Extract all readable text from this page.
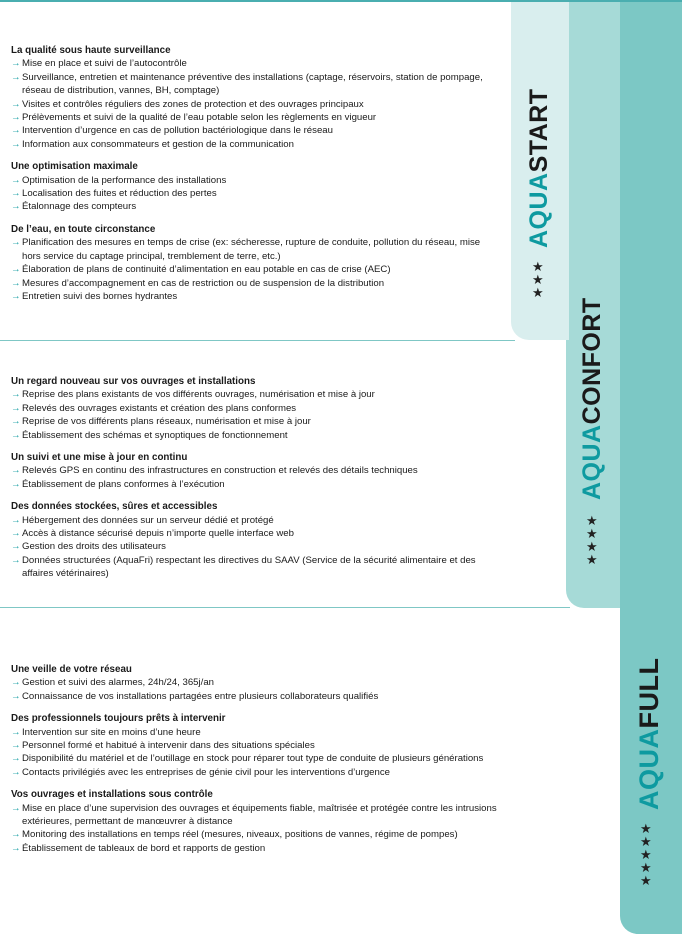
AQUAFULL
★
★
★
★
★
AQUACONFORT
★
★
★
★
AQUASTART
★
★
★
La qualité sous haute surveillance
→ Mise en place et suivi de l’autocontrôle
→ Surveillance, entretien et maintenance préventive des installations (captage, réservoirs, station de pompage, réseau de distribution, vannes, BH, comptage)
→ Visites et contrôles réguliers des zones de protection et des ouvrages principaux
→ Prélèvements et suivi de la qualité de l’eau potable selon les règlements en vigueur
→ Intervention d’urgence en cas de pollution bactériologique dans le réseau
→ Information aux consommateurs et gestion de la communication
Une optimisation maximale
→ Optimisation de la performance des installations
→ Localisation des fuites et réduction des pertes
→ Étalonnage des compteurs
De l’eau, en toute circonstance
→ Planification des mesures en temps de crise (ex: sécheresse, rupture de conduite, pollution du réseau, mise hors service du captage principal, tremblement de terre, etc.)
→ Élaboration de plans de continuité d’alimentation en eau potable en cas de crise (AEC)
→ Mesures d’accompagnement en cas de restriction ou de suspension de la distribution
→ Entretien suivi des bornes hydrantes
Un regard nouveau sur vos ouvrages et installations
→ Reprise des plans existants de vos différents ouvrages, numérisation et mise à jour
→ Relevés des ouvrages existants et création des plans conformes
→ Reprise de vos différents plans réseaux, numérisation et mise à jour
→ Établissement des schémas et synoptiques de fonctionnement
Un suivi et une mise à jour en continu
→ Relevés GPS en continu des infrastructures en construction et relevés des détails techniques
→ Établissement de plans conformes à l’exécution
Des données stockées, sûres et accessibles
→ Hébergement des données sur un serveur dédié et protégé
→ Accès à distance sécurisé depuis n’importe quelle interface web
→ Gestion des droits des utilisateurs
→ Données structurées (AquaFri) respectant les directives du SAAV (Service de la sécurité alimentaire et des affaires vétérinaires)
Une veille de votre réseau
→ Gestion et suivi des alarmes, 24h/24, 365j/an
→ Connaissance de vos installations partagées entre plusieurs collaborateurs qualifiés
Des professionnels toujours prêts à intervenir
→ Intervention sur site en moins d’une heure
→ Personnel formé et habitué à intervenir dans des situations spéciales
→ Disponibilité du matériel et de l’outillage en stock pour réparer tout type de conduite de plusieurs générations
→ Contacts privilégiés avec les entreprises de génie civil pour les interventions d’urgence
Vos ouvrages et installations sous contrôle
→ Mise en place d’une supervision des ouvrages et équipements fiable, maîtrisée et protégée contre les intrusions extérieures, permettant de manœuvrer à distance
→ Monitoring des installations en temps réel (mesures, niveaux, positions de vannes, régime de pompes)
→ Établissement de tableaux de bord et rapports de gestion
